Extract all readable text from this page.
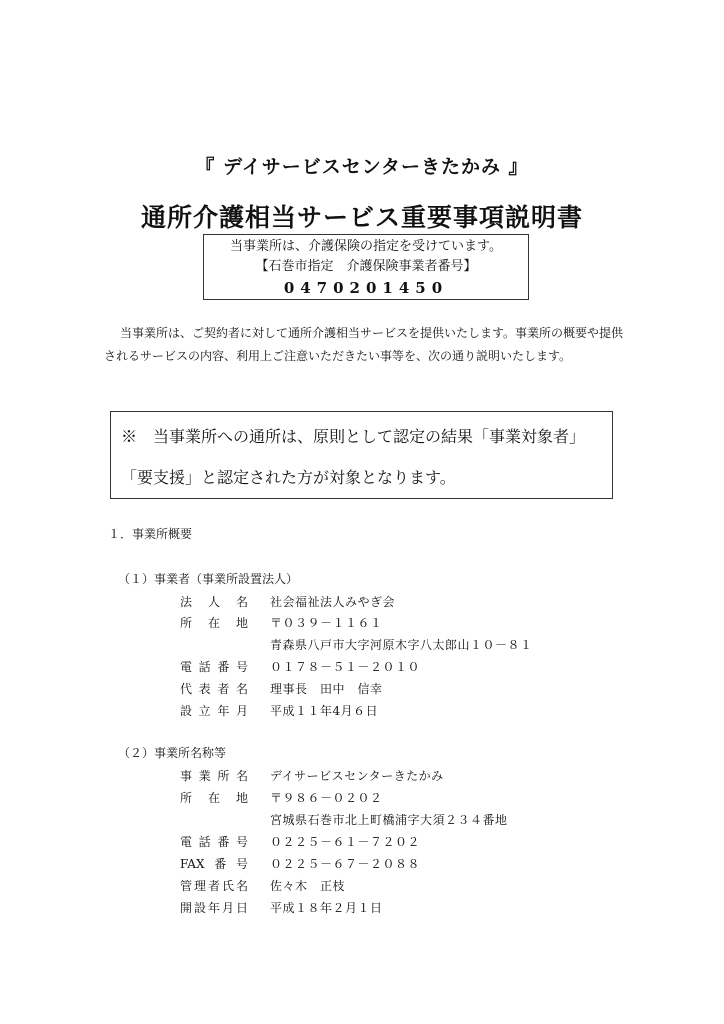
『 デイサービスセンターきたかみ 』
通所介護相当サービス重要事項説明書
当事業所は、介護保険の指定を受けています。
【石巻市指定　介護保険事業者番号】
0470201450
当事業所は、ご契約者に対して通所介護相当サービスを提供いたします。事業所の概要や提供されるサービスの内容、利用上ご注意いただきたい事等を、次の通り説明いたします。
※　当事業所への通所は、原則として認定の結果「事業対象者」
「要支援」と認定された方が対象となります。
１．事業所概要
（１）事業者（事業所設置法人）
法人名 社会福祉法人みやぎ会
所在地 〒０３９－１１６１
青森県八戸市大字河原木字八太郎山１０－８１
電話番号 ０１７８－５１－２０１０
代表者名 理事長　田中　信幸
設立年月 平成１１年4月６日
（２）事業所名称等
事業所名 デイサービスセンターきたかみ
所在地 〒９８６－０２０２
宮城県石巻市北上町橋浦字大須２３４番地
電話番号 ０２２５－６１－７２０２
FAX番号 ０２２５－６７－２０８８
管理者氏名 佐々木　正枝
開設年月日 平成１８年２月１日
